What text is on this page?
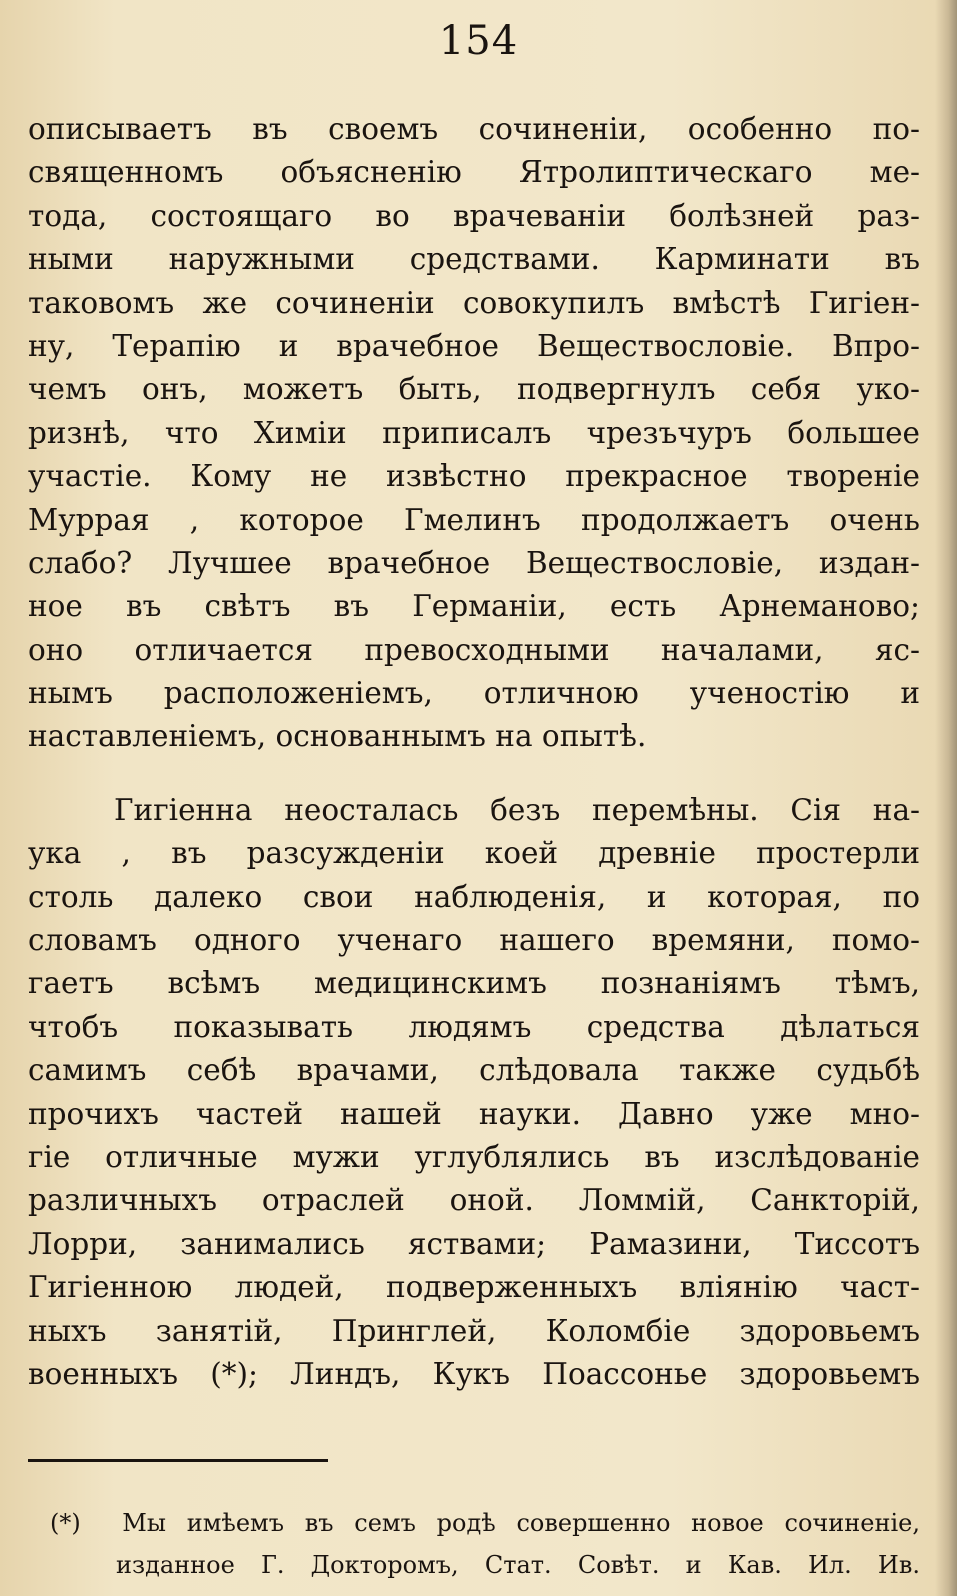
154
описываетъ въ своемъ сочиненіи, особенно по-
священномъ объясненію Ятролиптическаго ме-
тода, состоящаго во врачеваніи болѣзней раз-
ными наружными средствами. Карминати въ
таковомъ же сочиненіи совокупилъ вмѣстѣ Гигіен-
ну, Терапію и врачебное Веществословіе. Впро-
чемъ онъ, можетъ быть, подвергнулъ себя уко-
ризнѣ, что Химіи приписалъ чрезъчуръ большее
участіе. Кому не извѣстно прекрасное твореніе
Муррая , которое Гмелинъ продолжаетъ очень
слабо? Лучшее врачебное Веществословіе, издан-
ное въ свѣтъ въ Германіи, есть Арнеманово;
оно отличается превосходными началами, яс-
нымъ расположеніемъ, отличною ученостію и
наставленіемъ, основаннымъ на опытѣ.
Гигіенна неосталась безъ перемѣны. Сія на-
ука , въ разсужденіи коей древніе простерли
столь далеко свои наблюденія, и которая, по
словамъ одного ученаго нашего времяни, помо-
гаетъ всѣмъ медицинскимъ познаніямъ тѣмъ,
чтобъ показывать людямъ средства дѣлаться
самимъ себѣ врачами, слѣдовала также судьбѣ
прочихъ частей нашей науки. Давно уже мно-
гіе отличные мужи углублялись въ изслѣдованіе
различныхъ отраслей оной. Ломмій, Санкторій,
Лорри, занимались яствами; Рамазини, Тиссотъ
Гигіенною людей, подверженныхъ вліянію част-
ныхъ занятій, Принглей, Коломбіе здоровьемъ
военныхъ (*); Линдъ, Кукъ Поассонье здоровьемъ
(*) Мы имѣемъ въ семъ родѣ совершенно новое сочиненіе,
изданное Г. Докторомъ, Стат. Совѣт. и Кав. Ил. Ив.
